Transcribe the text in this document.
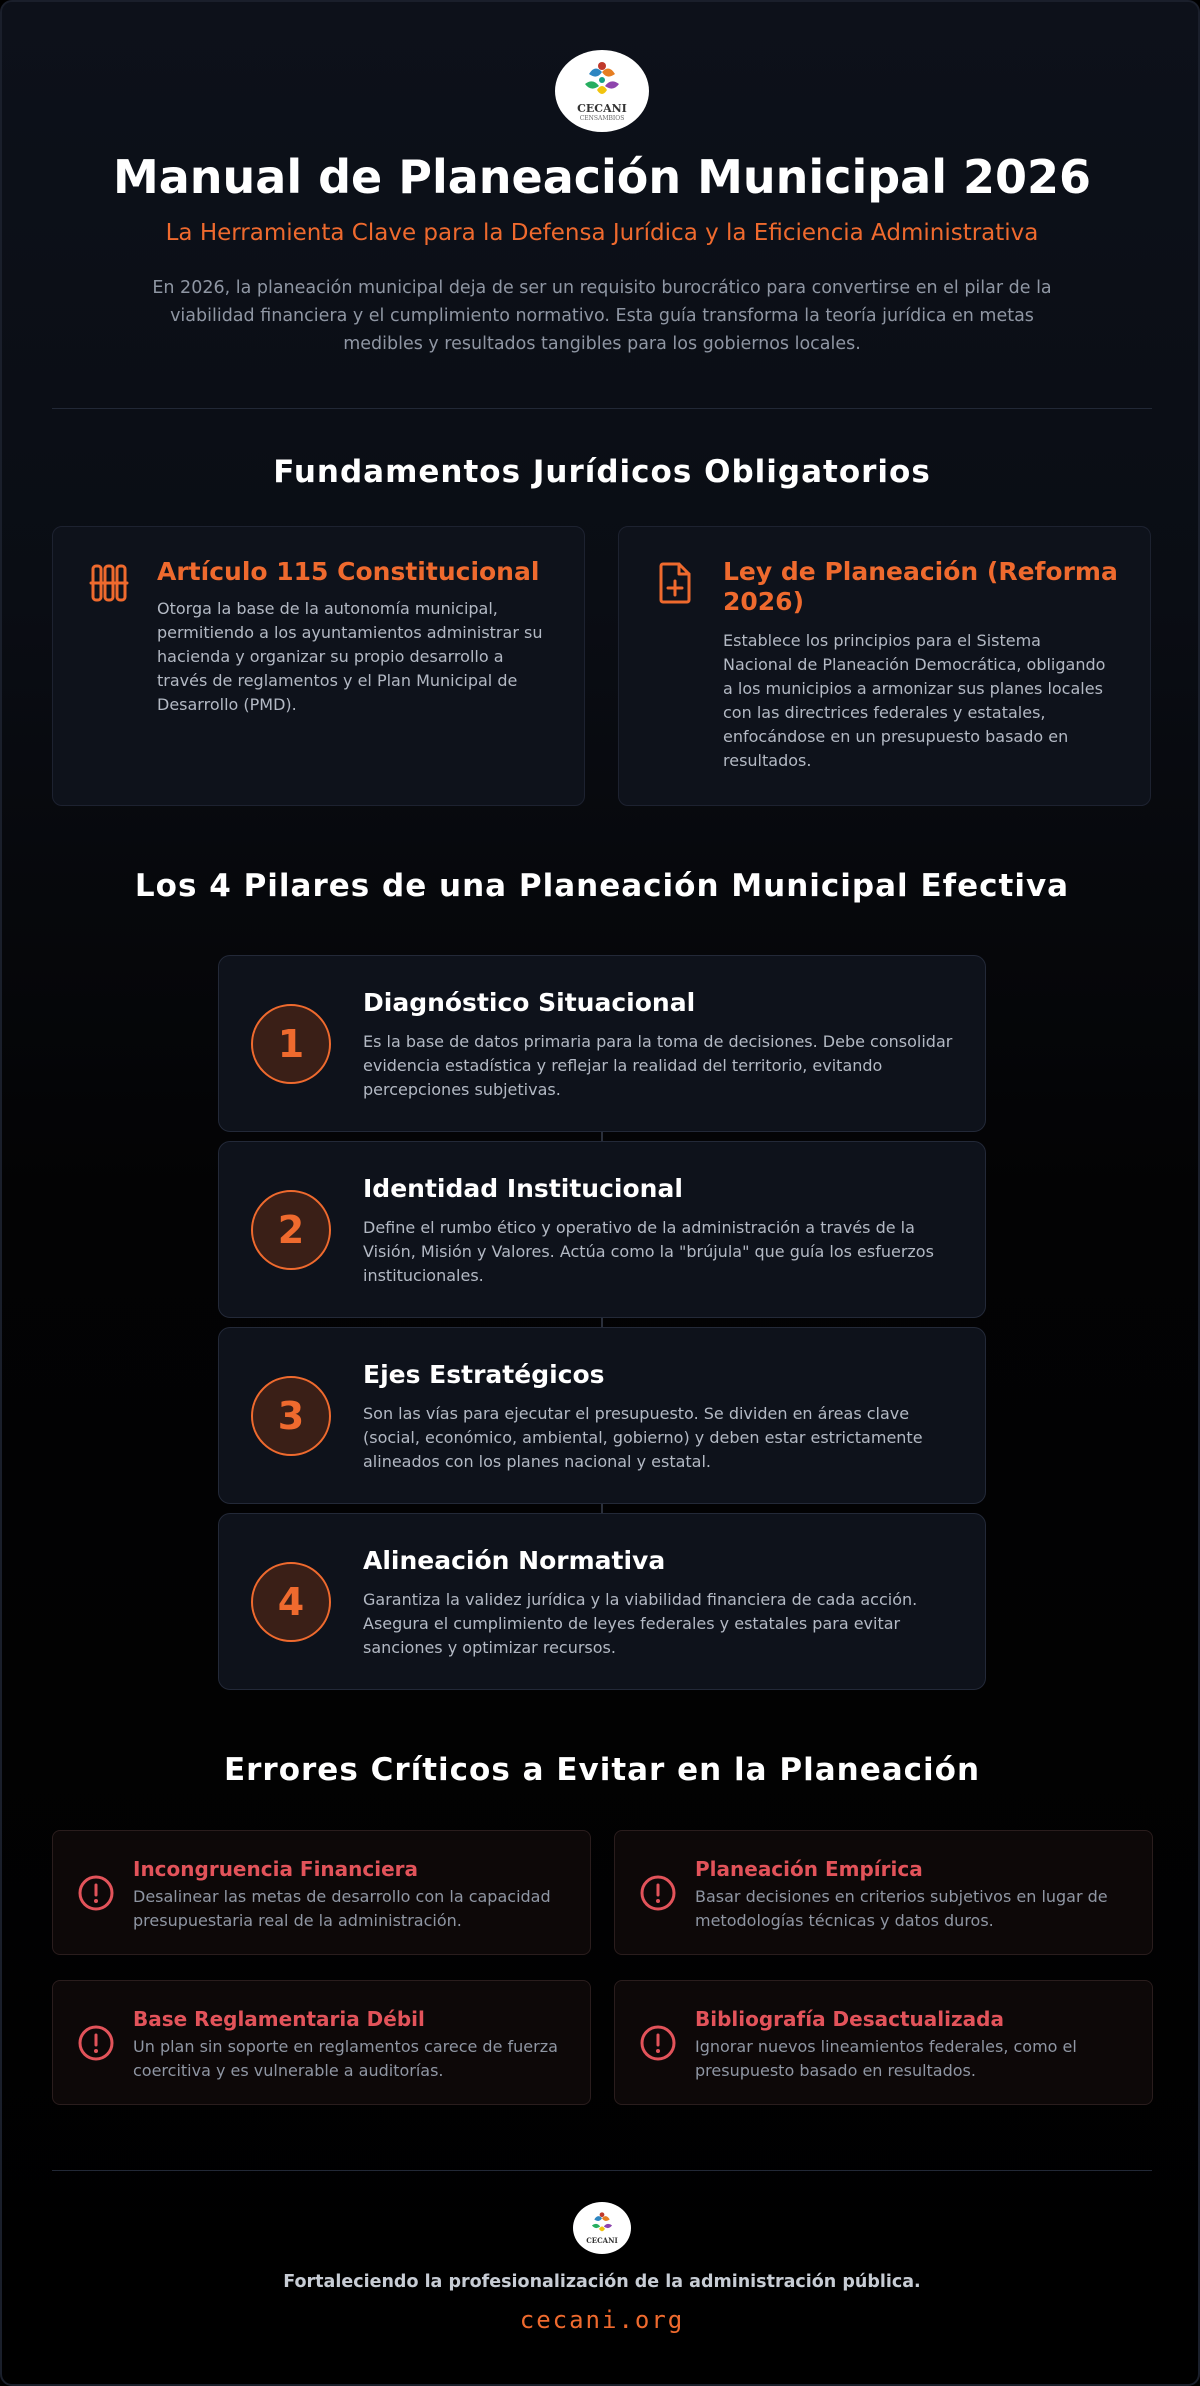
CECANI
CENSAMBIOS
Manual de Planeación Municipal 2026
La Herramienta Clave para la Defensa Jurídica y la Eficiencia Administrativa

En 2026, la planeación municipal deja de ser un requisito burocrático para convertirse en el pilar de la viabilidad financiera y el cumplimiento normativo. Esta guía transforma la teoría jurídica en metas medibles y resultados tangibles para los gobiernos locales.

Fundamentos Jurídicos Obligatorios
Artículo 115 Constitucional
Otorga la base de la autonomía municipal, permitiendo a los ayuntamientos administrar su hacienda y organizar su propio desarrollo a través de reglamentos y el Plan Municipal de Desarrollo (PMD).
Ley de Planeación (Reforma 2026)
Establece los principios para el Sistema Nacional de Planeación Democrática, obligando a los municipios a armonizar sus planes locales con las directrices federales y estatales, enfocándose en un presupuesto basado en resultados.
Los 4 Pilares de una Planeación Municipal Efectiva
1
Diagnóstico Situacional
Es la base de datos primaria para la toma de decisiones. Debe consolidar evidencia estadística y reflejar la realidad del territorio, evitando percepciones subjetivas.
2
Identidad Institucional
Define el rumbo ético y operativo de la administración a través de la Visión, Misión y Valores. Actúa como la "brújula" que guía los esfuerzos institucionales.
3
Ejes Estratégicos
Son las vías para ejecutar el presupuesto. Se dividen en áreas clave (social, económico, ambiental, gobierno) y deben estar estrictamente alineados con los planes nacional y estatal.
4
Alineación Normativa
Garantiza la validez jurídica y la viabilidad financiera de cada acción. Asegura el cumplimiento de leyes federales y estatales para evitar sanciones y optimizar recursos.
Errores Críticos a Evitar en la Planeación
Incongruencia Financiera
Desalinear las metas de desarrollo con la capacidad presupuestaria real de la administración.
Planeación Empírica
Basar decisiones en criterios subjetivos en lugar de metodologías técnicas y datos duros.
Base Reglamentaria Débil
Un plan sin soporte en reglamentos carece de fuerza coercitiva y es vulnerable a auditorías.
Bibliografía Desactualizada
Ignorar nuevos lineamientos federales, como el presupuesto basado en resultados.
CECANI
Fortaleciendo la profesionalización de la administración pública.
cecani.org
